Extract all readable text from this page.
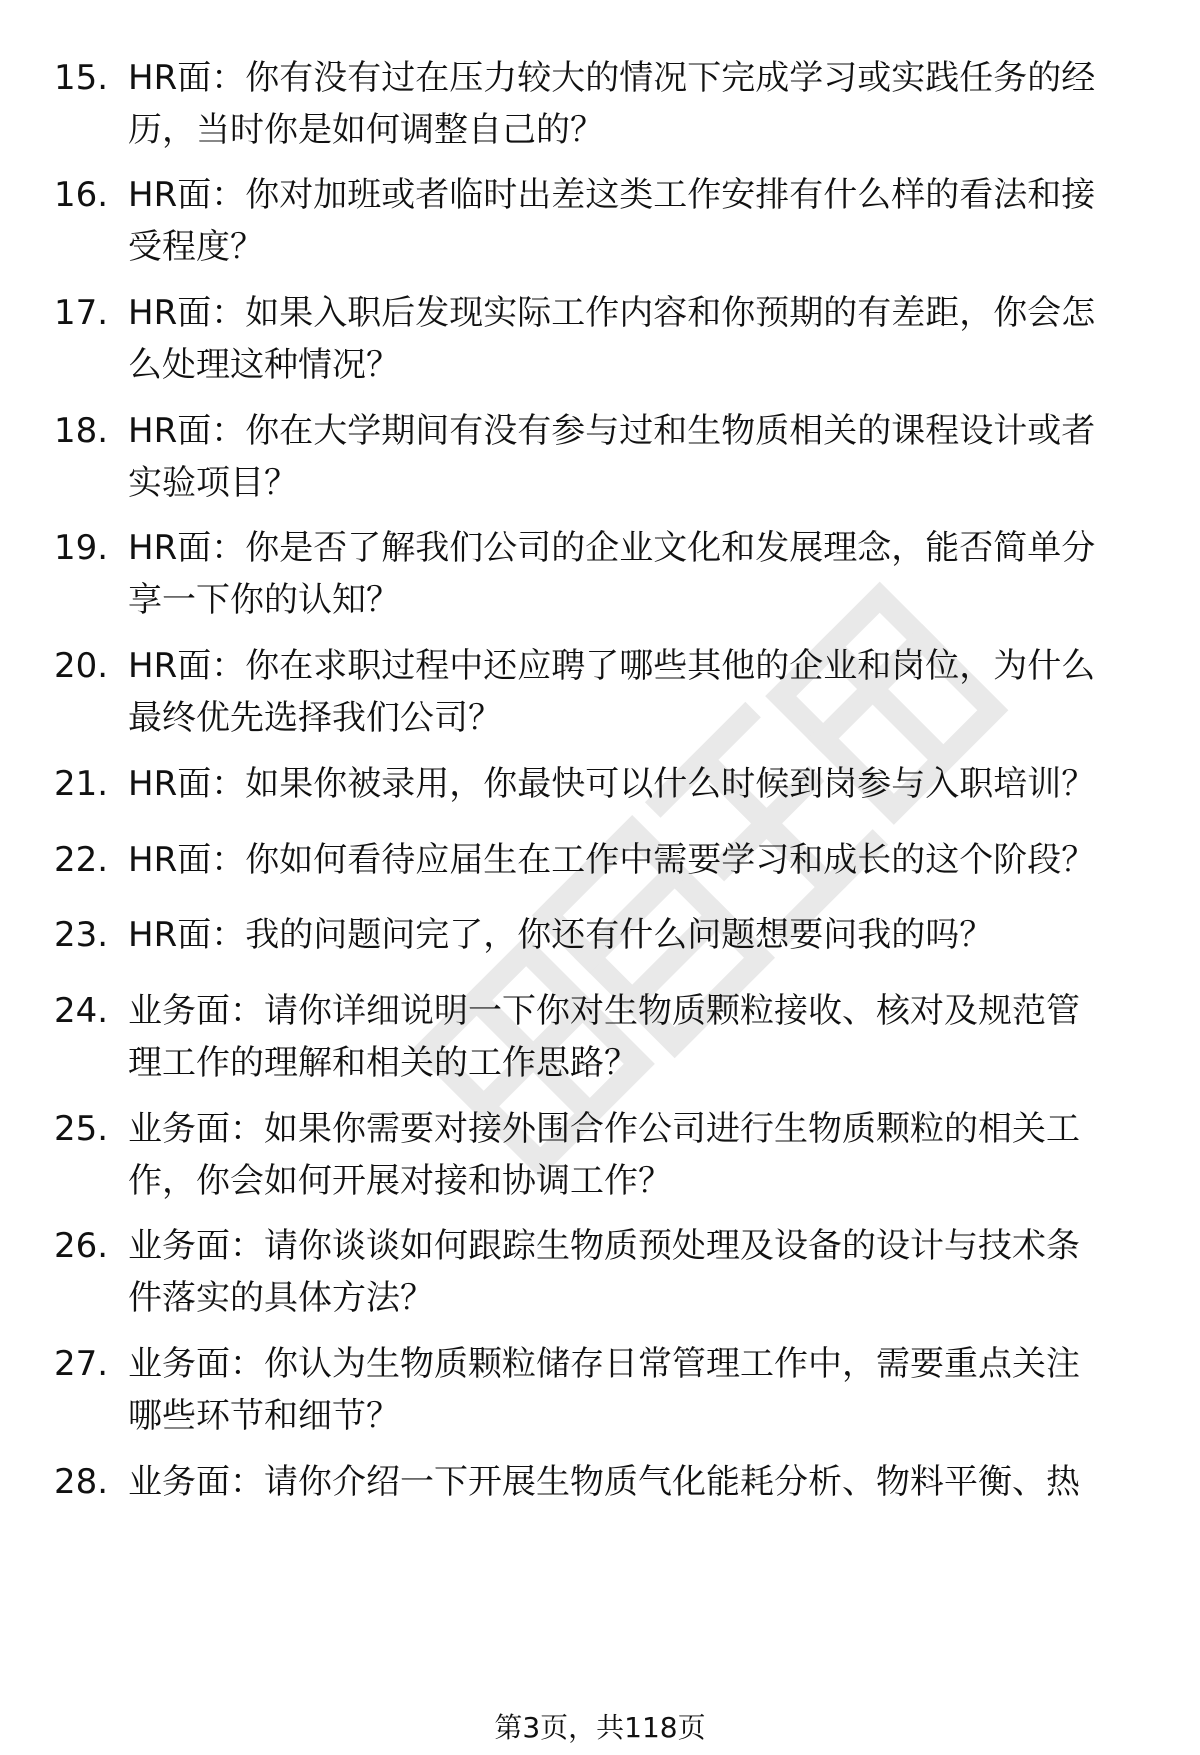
15. HR面：你有没有过在压力较大的情况下完成学习或实践任务的经
历，当时你是如何调整自己的？
16. HR面：你对加班或者临时出差这类工作安排有什么样的看法和接
受程度？
17. HR面：如果入职后发现实际工作内容和你预期的有差距，你会怎
么处理这种情况？
18. HR面：你在大学期间有没有参与过和生物质相关的课程设计或者
实验项目？
19. HR面：你是否了解我们公司的企业文化和发展理念，能否简单分
享一下你的认知？
20. HR面：你在求职过程中还应聘了哪些其他的企业和岗位，为什么
最终优先选择我们公司？
21. HR面：如果你被录用，你最快可以什么时候到岗参与入职培训？
22. HR面：你如何看待应届生在工作中需要学习和成长的这个阶段？
23. HR面：我的问题问完了，你还有什么问题想要问我的吗？
24. 业务面：请你详细说明一下你对生物质颗粒接收、核对及规范管
理工作的理解和相关的工作思路？
25. 业务面：如果你需要对接外围合作公司进行生物质颗粒的相关工
作，你会如何开展对接和协调工作？
26. 业务面：请你谈谈如何跟踪生物质预处理及设备的设计与技术条
件落实的具体方法？
27. 业务面：你认为生物质颗粒储存日常管理工作中，需要重点关注
哪些环节和细节？
28. 业务面：请你介绍一下开展生物质气化能耗分析、物料平衡、热
第3页，共118页
